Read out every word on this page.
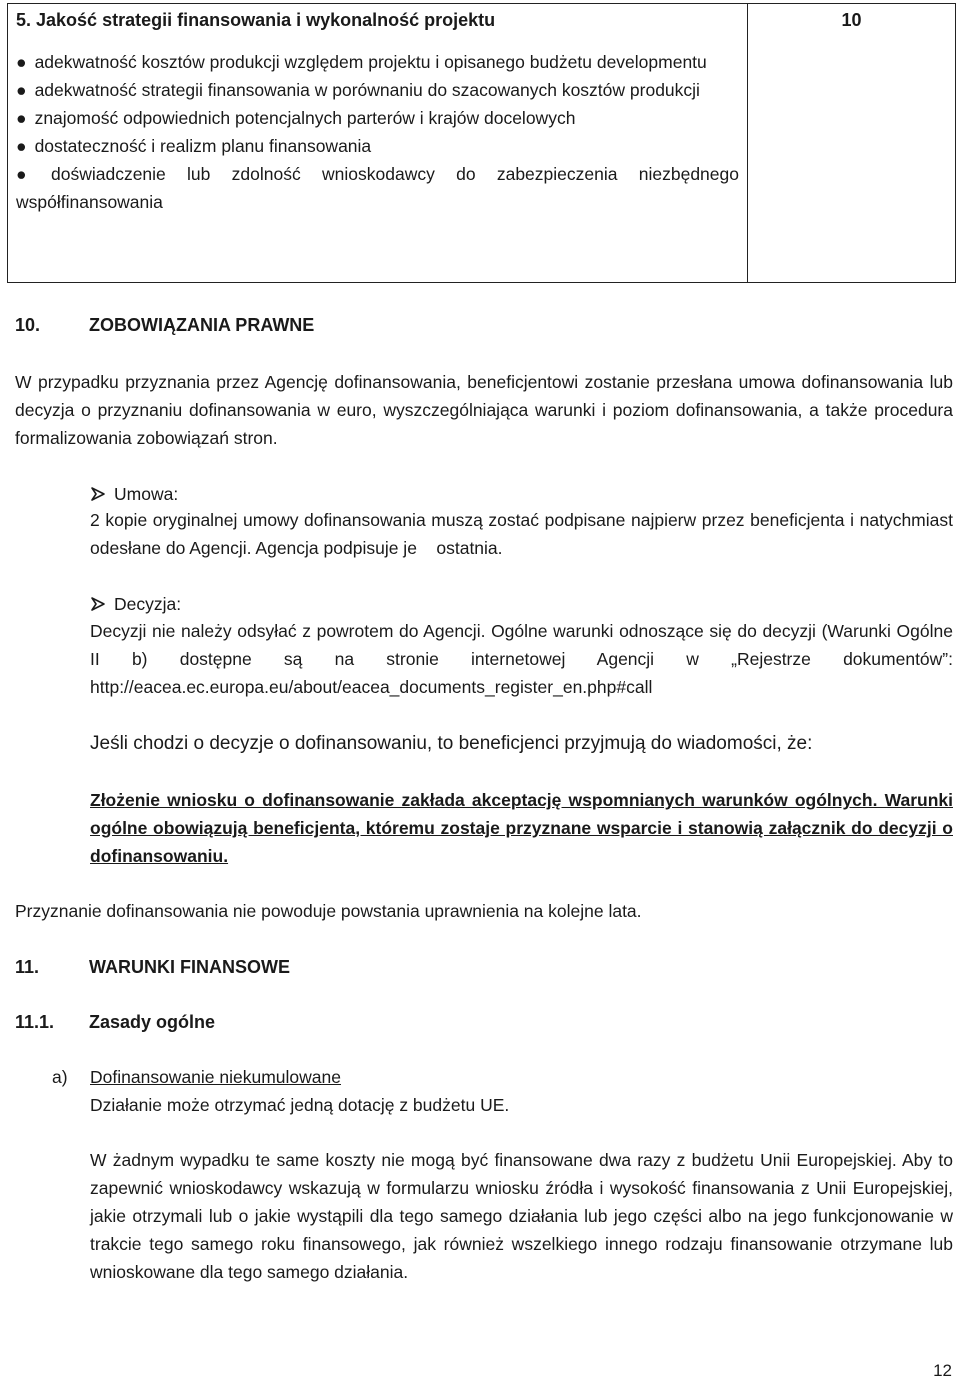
5. Jakość strategii finansowania i wykonalność projektu
● adekwatność kosztów produkcji względem projektu i opisanego budżetu developmentu
● adekwatność strategii finansowania w porównaniu do szacowanych kosztów produkcji
● znajomość odpowiednich potencjalnych parterów i krajów docelowych
● dostateczność i realizm planu finansowania
● doświadczenie lub zdolność wnioskodawcy do zabezpieczenia niezbędnego współfinansowania
10
10.	ZOBOWIĄZANIA PRAWNE
W przypadku przyznania przez Agencję dofinansowania, beneficjentowi zostanie przesłana umowa dofinansowania lub decyzja o przyznaniu dofinansowania w euro, wyszczególniająca warunki i poziom dofinansowania, a także procedura formalizowania zobowiązań stron.
Umowa:
2 kopie oryginalnej umowy dofinansowania muszą zostać podpisane najpierw przez beneficjenta i natychmiast odesłane do Agencji. Agencja podpisuje je    ostatnia.
Decyzja:
Decyzji nie należy odsyłać z powrotem do Agencji. Ogólne warunki odnoszące się do decyzji (Warunki Ogólne II b) dostępne są na stronie internetowej Agencji w „Rejestrze dokumentów”: http://eacea.ec.europa.eu/about/eacea_documents_register_en.php#call
Jeśli chodzi o decyzje o dofinansowaniu, to beneficjenci przyjmują do wiadomości, że:
Złożenie wniosku o dofinansowanie zakłada akceptację wspomnianych warunków ogólnych. Warunki ogólne obowiązują beneficjenta, któremu zostaje przyznane wsparcie i stanowią załącznik do decyzji o dofinansowaniu.
Przyznanie dofinansowania nie powoduje powstania uprawnienia na kolejne lata.
11.	WARUNKI FINANSOWE
11.1. Zasady ogólne
a) Dofinansowanie niekumulowane
Działanie może otrzymać jedną dotację z budżetu UE.
W żadnym wypadku te same koszty nie mogą być finansowane dwa razy z budżetu Unii Europejskiej. Aby to zapewnić wnioskodawcy wskazują w formularzu wniosku źródła i wysokość finansowania z Unii Europejskiej, jakie otrzymali lub o jakie wystąpili dla tego samego działania lub jego części albo na jego funkcjonowanie w trakcie tego samego roku finansowego, jak również wszelkiego innego rodzaju finansowanie otrzymane lub wnioskowane dla tego samego działania.
12
